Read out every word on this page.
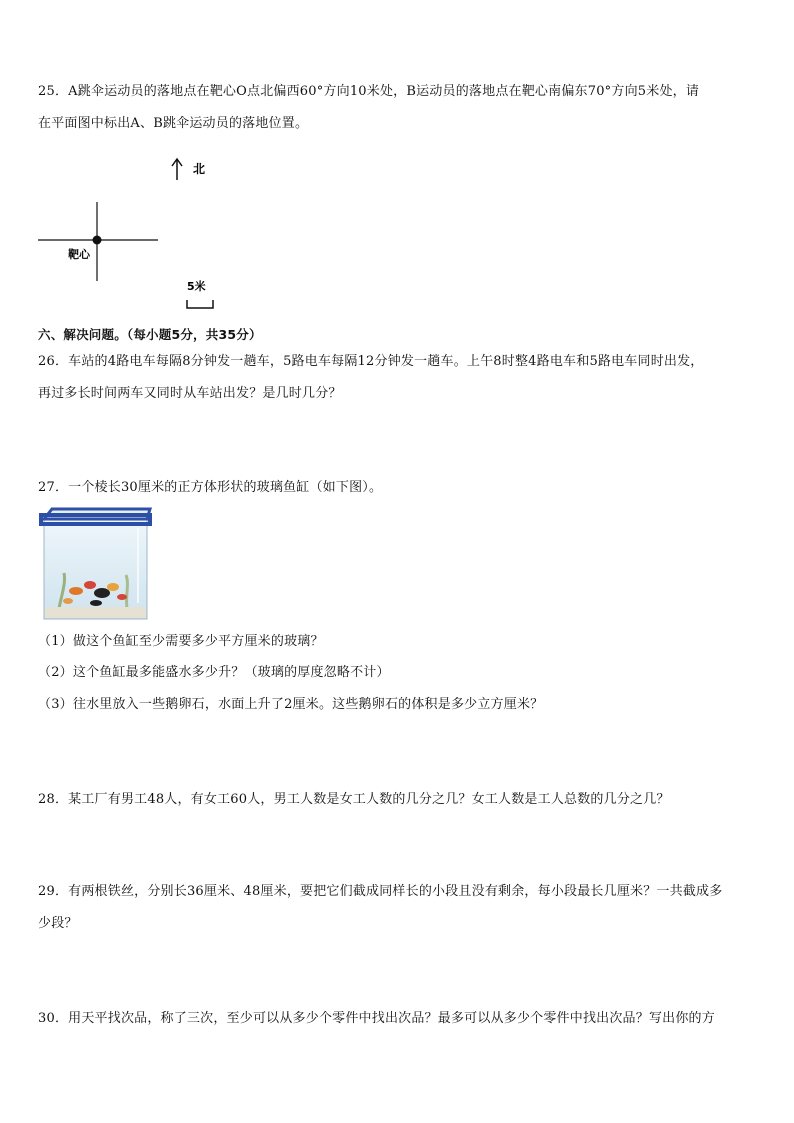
25．A跳伞运动员的落地点在靶心O点北偏西60°方向10米处，B运动员的落地点在靶心南偏东70°方向5米处，请
在平面图中标出A、B跳伞运动员的落地位置。
北
靶心
5米
六、解决问题。（每小题5分，共35分）
26．车站的4路电车每隔8分钟发一趟车，5路电车每隔12分钟发一趟车。上午8时整4路电车和5路电车同时出发，
再过多长时间两车又同时从车站出发？是几时几分？
27．一个棱长30厘米的正方体形状的玻璃鱼缸（如下图）。
（1）做这个鱼缸至少需要多少平方厘米的玻璃？
（2）这个鱼缸最多能盛水多少升？（玻璃的厚度忽略不计）
（3）往水里放入一些鹅卵石，水面上升了2厘米。这些鹅卵石的体积是多少立方厘米？
28．某工厂有男工48人，有女工60人，男工人数是女工人数的几分之几？女工人数是工人总数的几分之几？
29．有两根铁丝，分别长36厘米、48厘米，要把它们截成同样长的小段且没有剩余，每小段最长几厘米？一共截成多
少段？
30．用天平找次品，称了三次，至少可以从多少个零件中找出次品？最多可以从多少个零件中找出次品？写出你的方
